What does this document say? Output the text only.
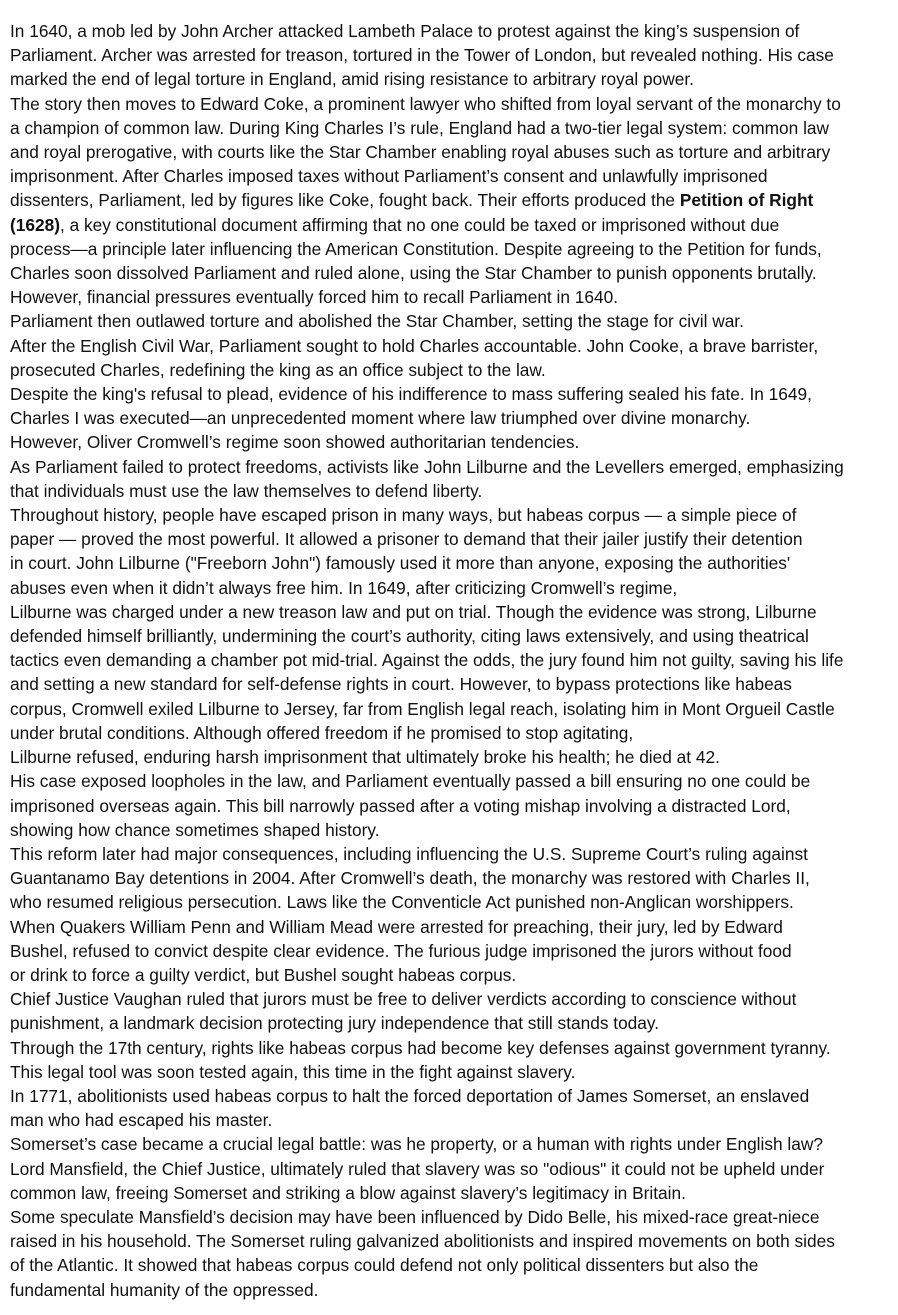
In 1640, a mob led by John Archer attacked Lambeth Palace to protest against the king’s suspension of
Parliament. Archer was arrested for treason, tortured in the Tower of London, but revealed nothing. His case
marked the end of legal torture in England, amid rising resistance to arbitrary royal power.

The story then moves to Edward Coke, a prominent lawyer who shifted from loyal servant of the monarchy to
a champion of common law. During King Charles I’s rule, England had a two-tier legal system: common law
and royal prerogative, with courts like the Star Chamber enabling royal abuses such as torture and arbitrary
imprisonment. After Charles imposed taxes without Parliament’s consent and unlawfully imprisoned
dissenters, Parliament, led by figures like Coke, fought back. Their efforts produced the Petition of Right
(1628), a key constitutional document affirming that no one could be taxed or imprisoned without due
process—a principle later influencing the American Constitution. Despite agreeing to the Petition for funds,
Charles soon dissolved Parliament and ruled alone, using the Star Chamber to punish opponents brutally.
However, financial pressures eventually forced him to recall Parliament in 1640.

Parliament then outlawed torture and abolished the Star Chamber, setting the stage for civil war.

After the English Civil War, Parliament sought to hold Charles accountable. John Cooke, a brave barrister,
prosecuted Charles, redefining the king as an office subject to the law.

Despite the king's refusal to plead, evidence of his indifference to mass suffering sealed his fate. In 1649,
Charles I was executed—an unprecedented moment where law triumphed over divine monarchy.

However, Oliver Cromwell’s regime soon showed authoritarian tendencies.

As Parliament failed to protect freedoms, activists like John Lilburne and the Levellers emerged, emphasizing
that individuals must use the law themselves to defend liberty.

Throughout history, people have escaped prison in many ways, but habeas corpus — a simple piece of
paper — proved the most powerful. It allowed a prisoner to demand that their jailer justify their detention
in court. John Lilburne ("Freeborn John") famously used it more than anyone, exposing the authorities'
abuses even when it didn’t always free him. In 1649, after criticizing Cromwell’s regime,

Lilburne was charged under a new treason law and put on trial. Though the evidence was strong, Lilburne
defended himself brilliantly, undermining the court’s authority, citing laws extensively, and using theatrical
tactics even demanding a chamber pot mid-trial. Against the odds, the jury found him not guilty, saving his life
and setting a new standard for self-defense rights in court. However, to bypass protections like habeas
corpus, Cromwell exiled Lilburne to Jersey, far from English legal reach, isolating him in Mont Orgueil Castle
under brutal conditions. Although offered freedom if he promised to stop agitating,

Lilburne refused, enduring harsh imprisonment that ultimately broke his health; he died at 42.

His case exposed loopholes in the law, and Parliament eventually passed a bill ensuring no one could be
imprisoned overseas again. This bill narrowly passed after a voting mishap involving a distracted Lord,
showing how chance sometimes shaped history.

This reform later had major consequences, including influencing the U.S. Supreme Court’s ruling against
Guantanamo Bay detentions in 2004. After Cromwell’s death, the monarchy was restored with Charles II,
who resumed religious persecution. Laws like the Conventicle Act punished non-Anglican worshippers.

When Quakers William Penn and William Mead were arrested for preaching, their jury, led by Edward
Bushel, refused to convict despite clear evidence. The furious judge imprisoned the jurors without food
or drink to force a guilty verdict, but Bushel sought habeas corpus.

Chief Justice Vaughan ruled that jurors must be free to deliver verdicts according to conscience without
punishment, a landmark decision protecting jury independence that still stands today.

Through the 17th century, rights like habeas corpus had become key defenses against government tyranny.
This legal tool was soon tested again, this time in the fight against slavery.

In 1771, abolitionists used habeas corpus to halt the forced deportation of James Somerset, an enslaved
man who had escaped his master.

Somerset’s case became a crucial legal battle: was he property, or a human with rights under English law?
Lord Mansfield, the Chief Justice, ultimately ruled that slavery was so "odious" it could not be upheld under
common law, freeing Somerset and striking a blow against slavery’s legitimacy in Britain.

Some speculate Mansfield’s decision may have been influenced by Dido Belle, his mixed-race great-niece
raised in his household. The Somerset ruling galvanized abolitionists and inspired movements on both sides
of the Atlantic. It showed that habeas corpus could defend not only political dissenters but also the
fundamental humanity of the oppressed.
